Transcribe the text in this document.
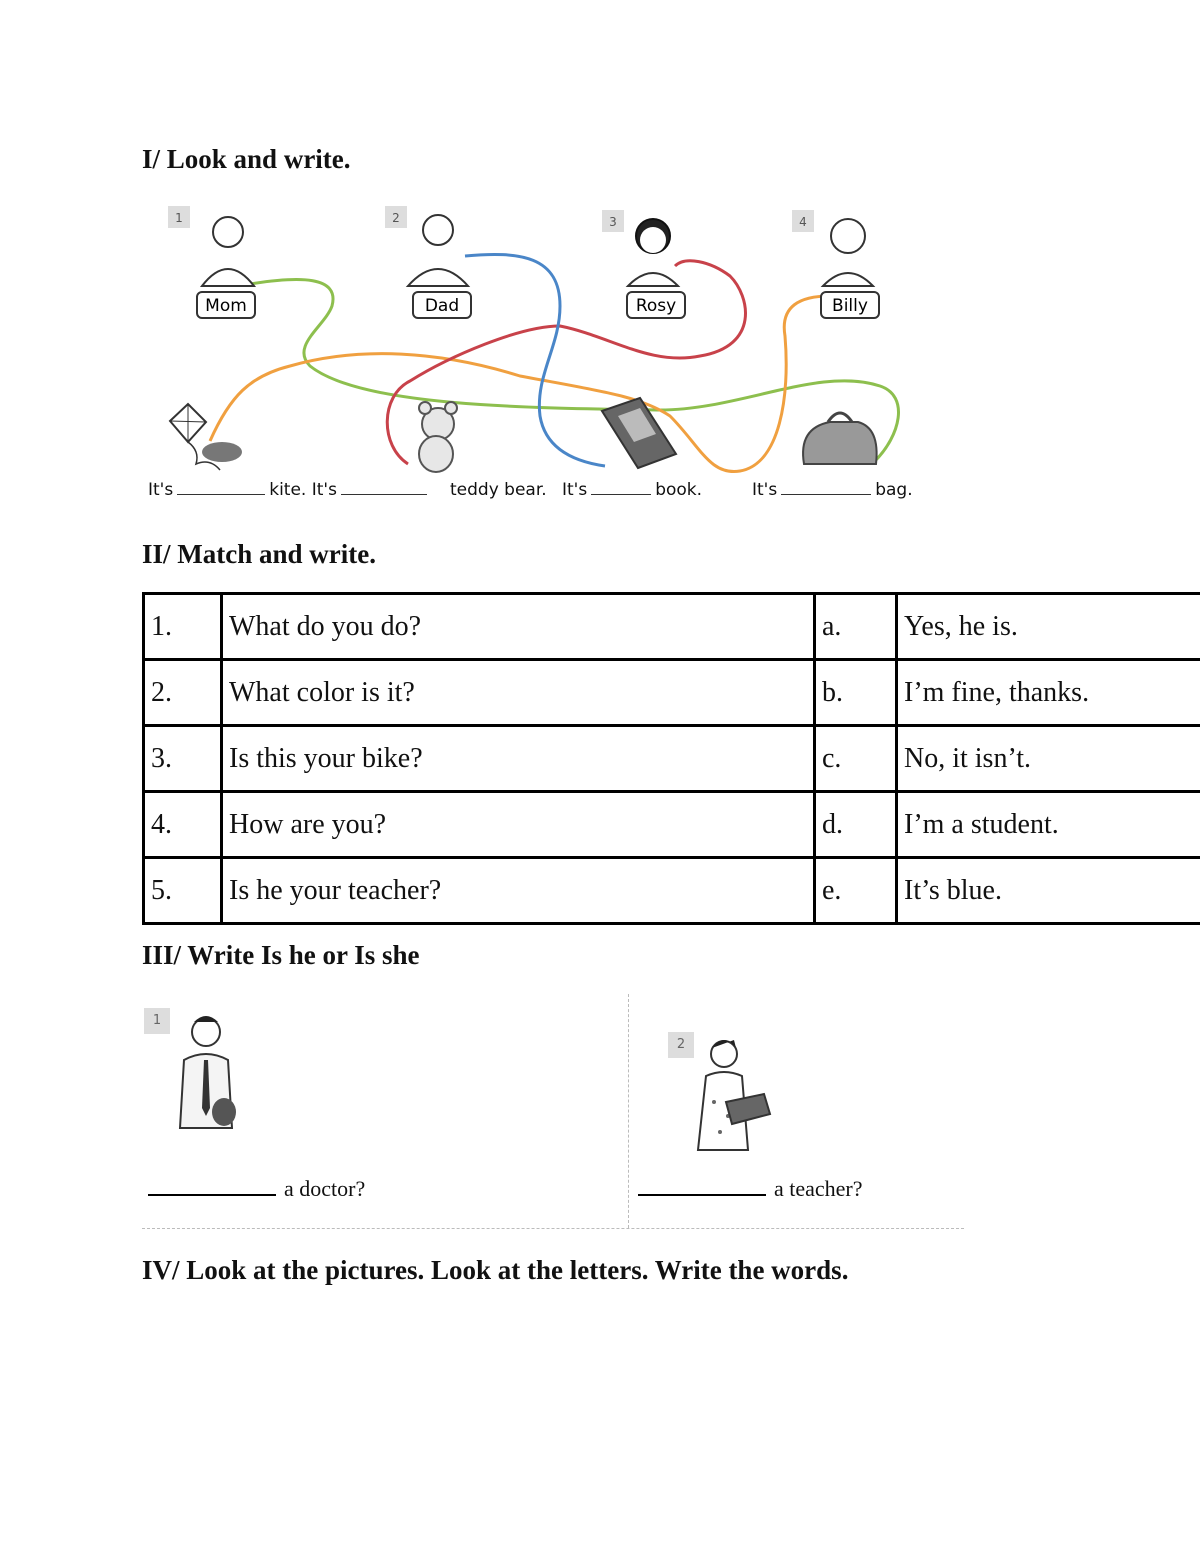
I/ Look and write.
1
Mom
2
Dad
3
Rosy
4
Billy
It's	kite. It's	teddy bear. It's	book.	It's	bag.
II/ Match and write.
1.	What do you do?	a.	Yes, he is.
2.	What color is it?	b.	I’m fine, thanks.
3.	Is this your bike?	c.	No, it isn’t.
4.	How are you?	d.	I’m a student.
5.	Is he your teacher?	e.	It’s blue.
III/ Write Is he or Is she
1
a doctor?
2
a teacher?
IV/ Look at the pictures. Look at the letters. Write the words.
